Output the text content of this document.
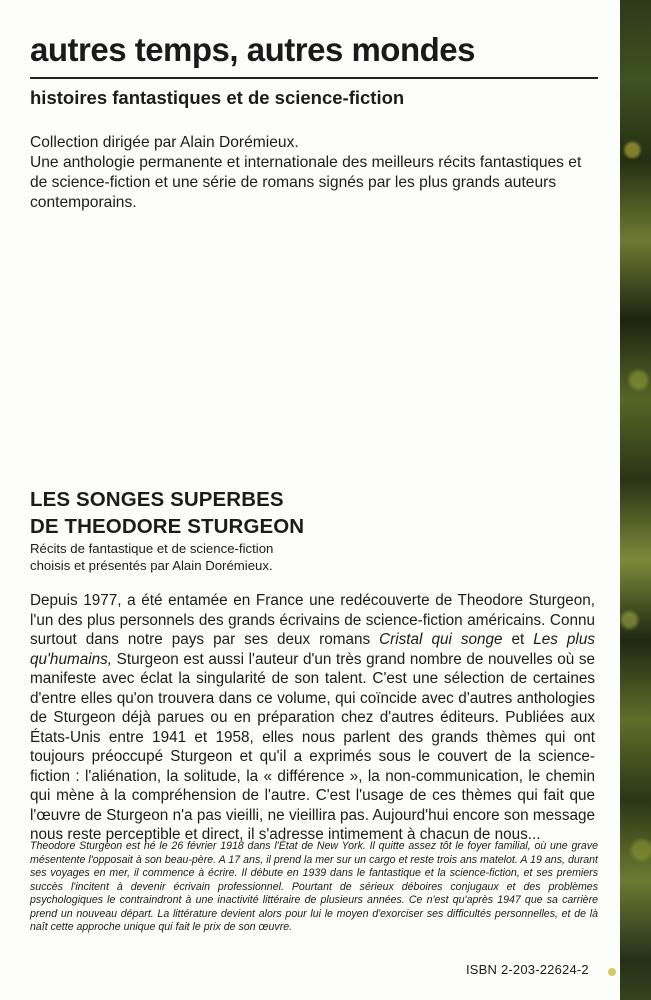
autres temps, autres mondes
histoires fantastiques et de science-fiction

Collection dirigée par Alain Dorémieux.

Une anthologie permanente et internationale des meilleurs récits fantastiques et de science-fiction et une série de romans signés par les plus grands auteurs contemporains.

LES SONGES SUPERBES
DE THEODORE STURGEON
Récits de fantastique et de science-fiction
choisis et présentés par Alain Dorémieux.

Depuis 1977, a été entamée en France une redécouverte de Theodore Sturgeon, l'un des plus personnels des grands écrivains de science-fiction américains. Connu surtout dans notre pays par ses deux romans Cristal qui songe et Les plus qu'humains, Sturgeon est aussi l'auteur d'un très grand nombre de nouvelles où se manifeste avec éclat la singularité de son talent. C'est une sélection de certaines d'entre elles qu'on trouvera dans ce volume, qui coïncide avec d'autres anthologies de Sturgeon déjà parues ou en préparation chez d'autres éditeurs. Publiées aux États-Unis entre 1941 et 1958, elles nous parlent des grands thèmes qui ont toujours préoccupé Sturgeon et qu'il a exprimés sous le couvert de la science-fiction : l'aliénation, la solitude, la « différence », la non-communication, le chemin qui mène à la compréhension de l'autre. C'est l'usage de ces thèmes qui fait que l'œuvre de Sturgeon n'a pas vieilli, ne vieillira pas. Aujourd'hui encore son message nous reste perceptible et direct, il s'adresse intimement à chacun de nous...

Theodore Sturgeon est né le 26 février 1918 dans l'État de New York. Il quitte assez tôt le foyer familial, où une grave mésentente l'opposait à son beau-père. A 17 ans, il prend la mer sur un cargo et reste trois ans matelot. A 19 ans, durant ses voyages en mer, il commence à écrire. Il débute en 1939 dans le fantastique et la science-fiction, et ses premiers succès l'incitent à devenir écrivain professionnel. Pourtant de sérieux déboires conjugaux et des problèmes psychologiques le contraindront à une inactivité littéraire de plusieurs années. Ce n'est qu'après 1947 que sa carrière prend un nouveau départ. La littérature devient alors pour lui le moyen d'exorciser ses difficultés personnelles, et de là naît cette approche unique qui fait le prix de son œuvre.

ISBN 2-203-22624-2
